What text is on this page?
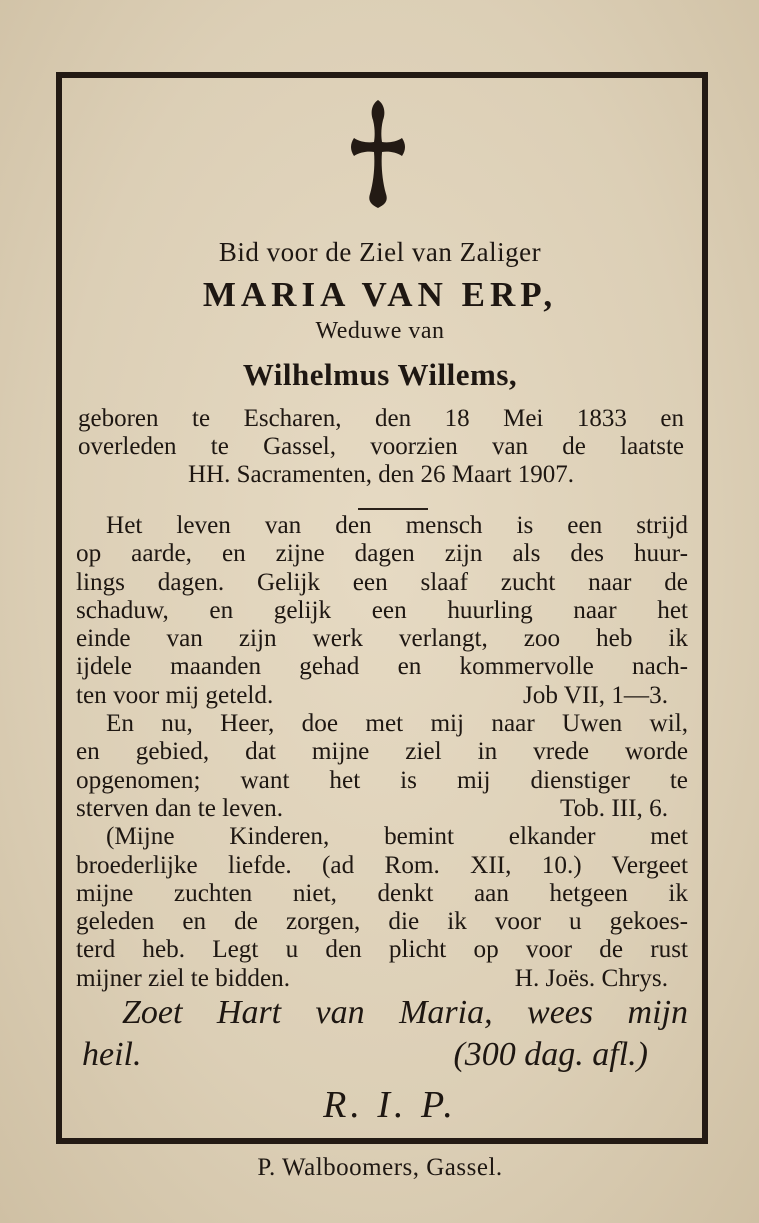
Bid voor de Ziel van Zaliger
MARIA VAN ERP,
Weduwe van
Wilhelmus Willems,
geboren te Escharen, den 18 Mei 1833 en
overleden te Gassel, voorzien van de laatste
HH. Sacramenten, den 26 Maart 1907.
Het leven van den mensch is een strijd
op aarde, en zijne dagen zijn als des huur-
lings dagen. Gelijk een slaaf zucht naar de
schaduw, en gelijk een huurling naar het
einde van zijn werk verlangt, zoo heb ik
ijdele maanden gehad en kommervolle nach-
ten voor mij geteld.	Job VII, 1—3.
En nu, Heer, doe met mij naar Uwen wil,
en gebied, dat mijne ziel in vrede worde
opgenomen; want het is mij dienstiger te
sterven dan te leven.	Tob. III, 6.
(Mijne Kinderen, bemint elkander met
broederlijke liefde. (ad Rom. XII, 10.) Vergeet
mijne zuchten niet, denkt aan hetgeen ik
geleden en de zorgen, die ik voor u gekoes-
terd heb. Legt u den plicht op voor de rust
mijner ziel te bidden.	H. Joës. Chrys.
Zoet Hart van Maria, wees mijn
heil.	(300 dag. afl.)
R. I. P.
P. Walboomers, Gassel.
